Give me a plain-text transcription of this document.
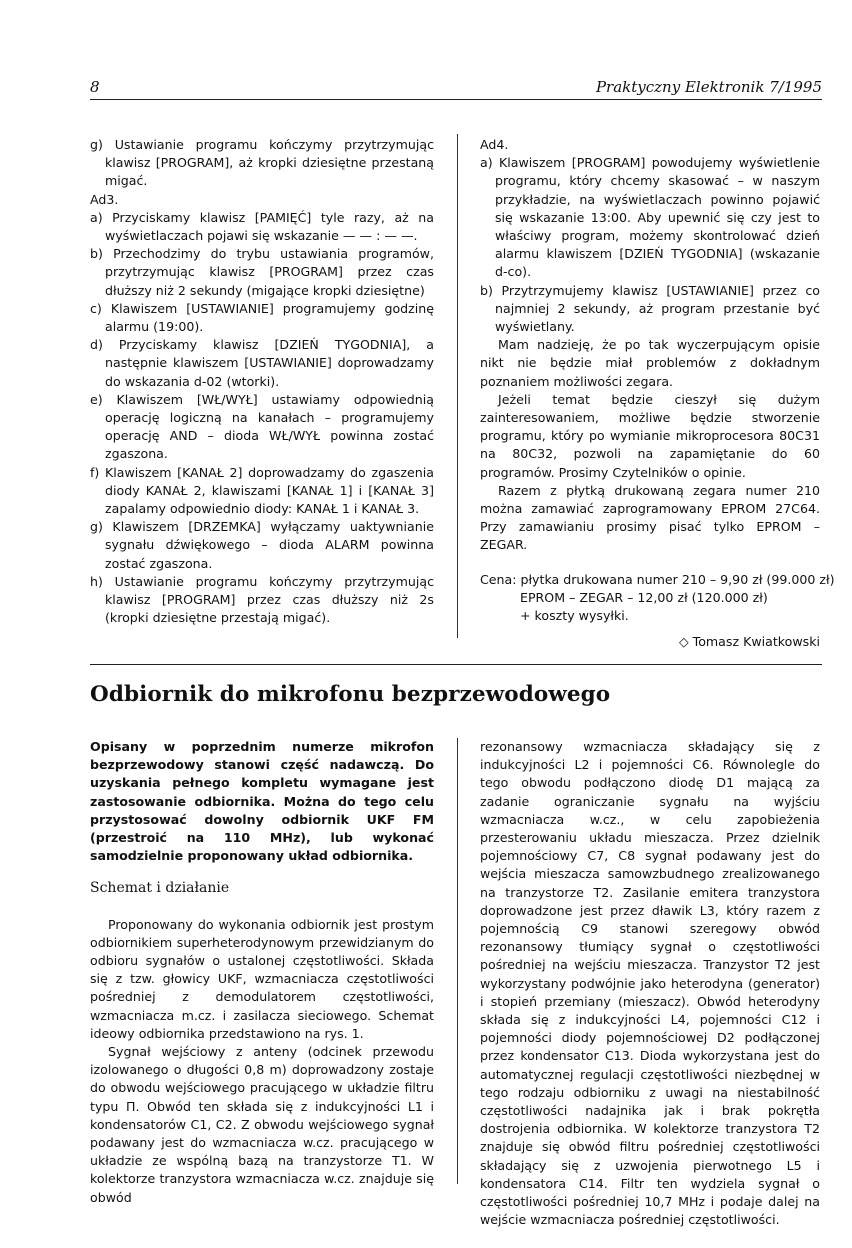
8	Praktyczny Elektronik 7/1995

g) Ustawianie programu kończymy przytrzymując klawisz [PROGRAM], aż kropki dziesiętne przestaną migać.

Ad3.

a) Przyciskamy klawisz [PAMIĘĆ] tyle razy, aż na wyświetlaczach pojawi się wskazanie — — : — —.

b) Przechodzimy do trybu ustawiania programów, przytrzymując klawisz [PROGRAM] przez czas dłuższy niż 2 sekundy (migające kropki dziesiętne)

c) Klawiszem [USTAWIANIE] programujemy godzinę alarmu (19:00).

d) Przyciskamy klawisz [DZIEŃ TYGODNIA], a następnie klawiszem [USTAWIANIE] doprowadzamy do wskazania d-02 (wtorki).

e) Klawiszem [WŁ/WYŁ] ustawiamy odpowiednią operację logiczną na kanałach – programujemy operację AND – dioda WŁ/WYŁ powinna zostać zgaszona.

f) Klawiszem [KANAŁ 2] doprowadzamy do zgaszenia diody KANAŁ 2, klawiszami [KANAŁ 1] i [KANAŁ 3] zapalamy odpowiednio diody: KANAŁ 1 i KANAŁ 3.

g) Klawiszem [DRZEMKA] wyłączamy uaktywnianie sygnału dźwiękowego – dioda ALARM powinna zostać zgaszona.

h) Ustawianie programu kończymy przytrzymując klawisz [PROGRAM] przez czas dłuższy niż 2s (kropki dziesiętne przestają migać).

Ad4.

a) Klawiszem [PROGRAM] powodujemy wyświetlenie programu, który chcemy skasować – w naszym przykładzie, na wyświetlaczach powinno pojawić się wskazanie 13:00. Aby upewnić się czy jest to właściwy program, możemy skontrolować dzień alarmu klawiszem [DZIEŃ TYGODNIA] (wskazanie d-co).

b) Przytrzymujemy klawisz [USTAWIANIE] przez co najmniej 2 sekundy, aż program przestanie być wyświetlany.

Mam nadzieję, że po tak wyczerpującym opisie nikt nie będzie miał problemów z dokładnym poznaniem możliwości zegara.

Jeżeli temat będzie cieszył się dużym zainteresowaniem, możliwe będzie stworzenie programu, który po wymianie mikroprocesora 80C31 na 80C32, pozwoli na zapamiętanie do 60 programów. Prosimy Czytelników o opinie.

Razem z płytką drukowaną zegara numer 210 można zamawiać zaprogramowany EPROM 27C64. Przy zamawianiu prosimy pisać tylko EPROM – ZEGAR.

Cena: płytka drukowana numer 210 – 9,90 zł (99.000 zł)

EPROM – ZEGAR – 12,00 zł (120.000 zł)

+ koszty wysyłki.

◇ Tomasz Kwiatkowski

Odbiornik do mikrofonu bezprzewodowego

Opisany w poprzednim numerze mikrofon bezprzewodowy stanowi część nadawczą. Do uzyskania pełnego kompletu wymagane jest zastosowanie odbiornika. Można do tego celu przystosować dowolny odbiornik UKF FM (przestroić na 110 MHz), lub wykonać samodzielnie proponowany układ odbiornika.

Schemat i działanie

Proponowany do wykonania odbiornik jest prostym odbiornikiem superheterodynowym przewidzianym do odbioru sygnałów o ustalonej częstotliwości. Składa się z tzw. głowicy UKF, wzmacniacza częstotliwości pośredniej z demodulatorem częstotliwości, wzmacniacza m.cz. i zasilacza sieciowego. Schemat ideowy odbiornika przedstawiono na rys. 1.

Sygnał wejściowy z anteny (odcinek przewodu izolowanego o długości 0,8 m) doprowadzony zostaje do obwodu wejściowego pracującego w układzie filtru typu Π. Obwód ten składa się z indukcyjności L1 i kondensatorów C1, C2. Z obwodu wejściowego sygnał podawany jest do wzmacniacza w.cz. pracującego w układzie ze wspólną bazą na tranzystorze T1. W kolektorze tranzystora wzmacniacza w.cz. znajduje się obwód

rezonansowy wzmacniacza składający się z indukcyjności L2 i pojemności C6. Równolegle do tego obwodu podłączono diodę D1 mającą za zadanie ograniczanie sygnału na wyjściu wzmacniacza w.cz., w celu zapobieżenia przesterowaniu układu mieszacza. Przez dzielnik pojemnościowy C7, C8 sygnał podawany jest do wejścia mieszacza samowzbudnego zrealizowanego na tranzystorze T2. Zasilanie emitera tranzystora doprowadzone jest przez dławik L3, który razem z pojemnością C9 stanowi szeregowy obwód rezonansowy tłumiący sygnał o częstotliwości pośredniej na wejściu mieszacza. Tranzystor T2 jest wykorzystany podwójnie jako heterodyna (generator) i stopień przemiany (mieszacz). Obwód heterodyny składa się z indukcyjności L4, pojemności C12 i pojemności diody pojemnościowej D2 podłączonej przez kondensator C13. Dioda wykorzystana jest do automatycznej regulacji częstotliwości niezbędnej w tego rodzaju odbiorniku z uwagi na niestabilność częstotliwości nadajnika jak i brak pokrętła dostrojenia odbiornika. W kolektorze tranzystora T2 znajduje się obwód filtru pośredniej częstotliwości składający się z uzwojenia pierwotnego L5 i kondensatora C14. Filtr ten wydziela sygnał o częstotliwości pośredniej 10,7 MHz i podaje dalej na wejście wzmacniacza pośredniej częstotliwości.
